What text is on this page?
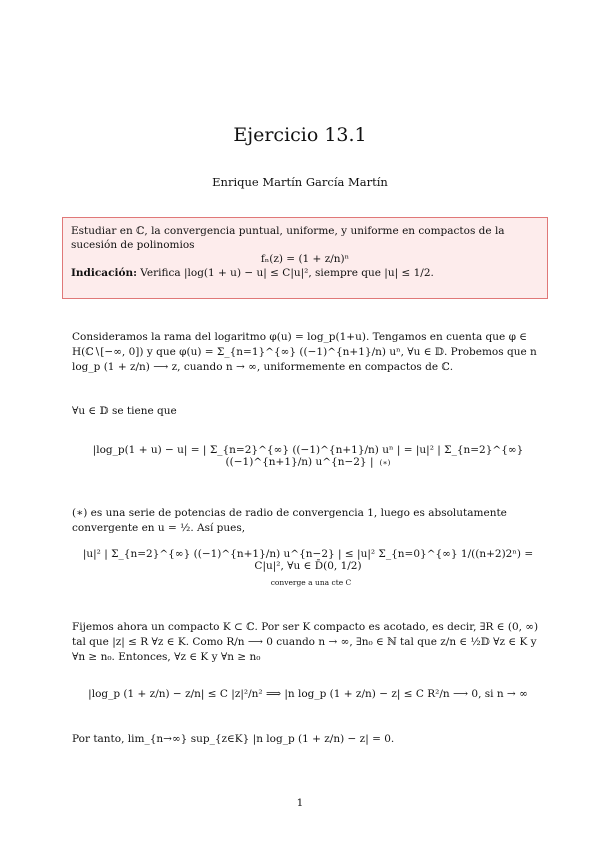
Ejercicio 13.1
Enrique Martín García Martín
Estudiar en ℂ, la convergencia puntual, uniforme, y uniforme en compactos de la sucesión de polinomios
fₙ(z) = (1 + z/n)ⁿ
Indicación: Verifica |log(1 + u) − u| ≤ C|u|², siempre que |u| ≤ 1/2.
Consideramos la rama del logaritmo φ(u) = log_p(1+u). Tengamos en cuenta que φ ∈ H(ℂ∖[−∞, 0]) y que φ(u) = Σ_{n=1}^{∞} ((−1)^{n+1}/n) uⁿ, ∀u ∈ 𝔻. Probemos que n log_p (1 + z/n) ⟶ z, cuando n → ∞, uniformemente en compactos de ℂ.
∀u ∈ 𝔻 se tiene que
|log_p(1 + u) − u| = | Σ_{n=2}^{∞} ((−1)^{n+1}/n) uⁿ | = |u|² | Σ_{n=2}^{∞} ((−1)^{n+1}/n) u^{n−2} | (∗)
(∗) es una serie de potencias de radio de convergencia 1, luego es absolutamente convergente en u = ½. Así pues,
|u|² | Σ_{n=2}^{∞} ((−1)^{n+1}/n) u^{n−2} | ≤ |u|² Σ_{n=0}^{∞} 1/((n+2)2ⁿ) = C|u|², ∀u ∈ D̄(0, 1/2)
converge a una cte C
Fijemos ahora un compacto K ⊂ ℂ. Por ser K compacto es acotado, es decir, ∃R ∈ (0, ∞) tal que |z| ≤ R ∀z ∈ K. Como R/n ⟶ 0 cuando n → ∞, ∃n₀ ∈ ℕ tal que z/n ∈ ½𝔻 ∀z ∈ K y ∀n ≥ n₀. Entonces, ∀z ∈ K y ∀n ≥ n₀
|log_p (1 + z/n) − z/n| ≤ C |z|²/n² ⟹ |n log_p (1 + z/n) − z| ≤ C R²/n ⟶ 0, si n → ∞
Por tanto, lim_{n→∞} sup_{z∈K} |n log_p (1 + z/n) − z| = 0.
1
